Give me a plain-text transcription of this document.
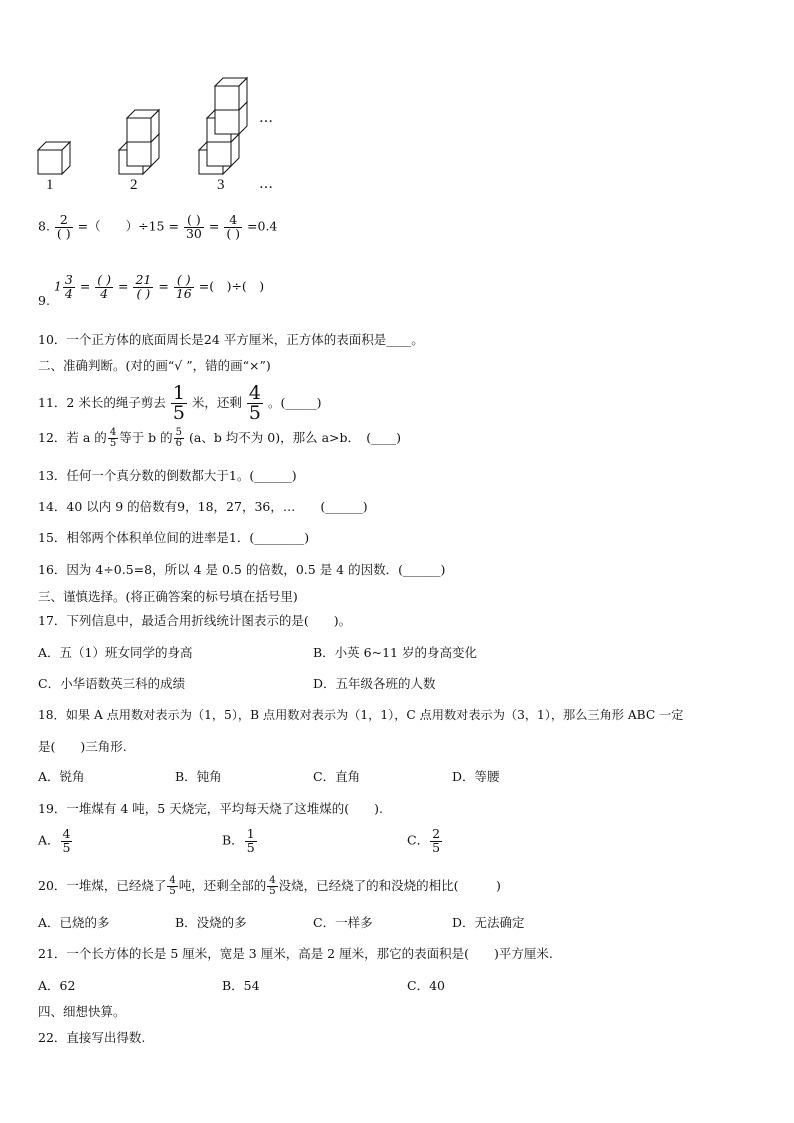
1	2	3
…
…
8. $\frac{2}{( )}$ =（　　）$\div 15 = \frac{( )}{30} = \frac{4}{( )} =0.4$
9. $1 \frac{3}{4} = \frac{( )}{4} = \frac{21}{( )} = \frac{( )}{16}$ =(　)÷(　)
10．一个正方体的底面周长是24 平方厘米，正方体的表面积是____。
二、准确判断。(对的画“√ ”，错的画“×”)
11．2 米长的绳子剪去 $\frac{1}{5}$ 米，还剩 $\frac{4}{5}$ 。(_____)
12．若 a 的 $\frac{4}{5}$ 等于 b 的 $\frac{5}{6} (a$、b 均不为 0)，那么 a>b．　(____)
13．任何一个真分数的倒数都大于1。(______)
14．40 以内 9 的倍数有9，18，27，36，…　　(______)
15．相邻两个体积单位间的进率是1．(________)
16．因为 4÷0.5=8，所以 4 是 0.5 的倍数，0.5 是 4 的因数．(______)
三、谨慎选择。(将正确答案的标号填在括号里)
17．下列信息中，最适合用折线统计图表示的是(　　)。
A．五（1）班女同学的身高	B．小英 6~11 岁的身高变化
C．小华语数英三科的成绩	D．五年级各班的人数
18．如果 A 点用数对表示为（1，5），B 点用数对表示为（1，1），C 点用数对表示为（3，1），那么三角形 ABC 一定
是(　　)三角形.
A．锐角	B．钝角	C．直角	D．等腰
19．一堆煤有 4 吨，5 天烧完，平均每天烧了这堆煤的(　　).
A． $\frac{4}{5}$	B． $\frac{1}{5}$	C． $\frac{2}{5}$
20．一堆煤，已经烧了 $\frac{4}{5}$ 吨，还剩全部的 $\frac{4}{5}$ 没烧，已经烧了的和没烧的相比(　　　)
A．已烧的多	B．没烧的多	C．一样多	D．无法确定
21．一个长方体的长是 5 厘米，宽是 3 厘米，高是 2 厘米，那它的表面积是(　　)平方厘米.
A．62	B．54	C．40
四、细想快算。
22．直接写出得数.
